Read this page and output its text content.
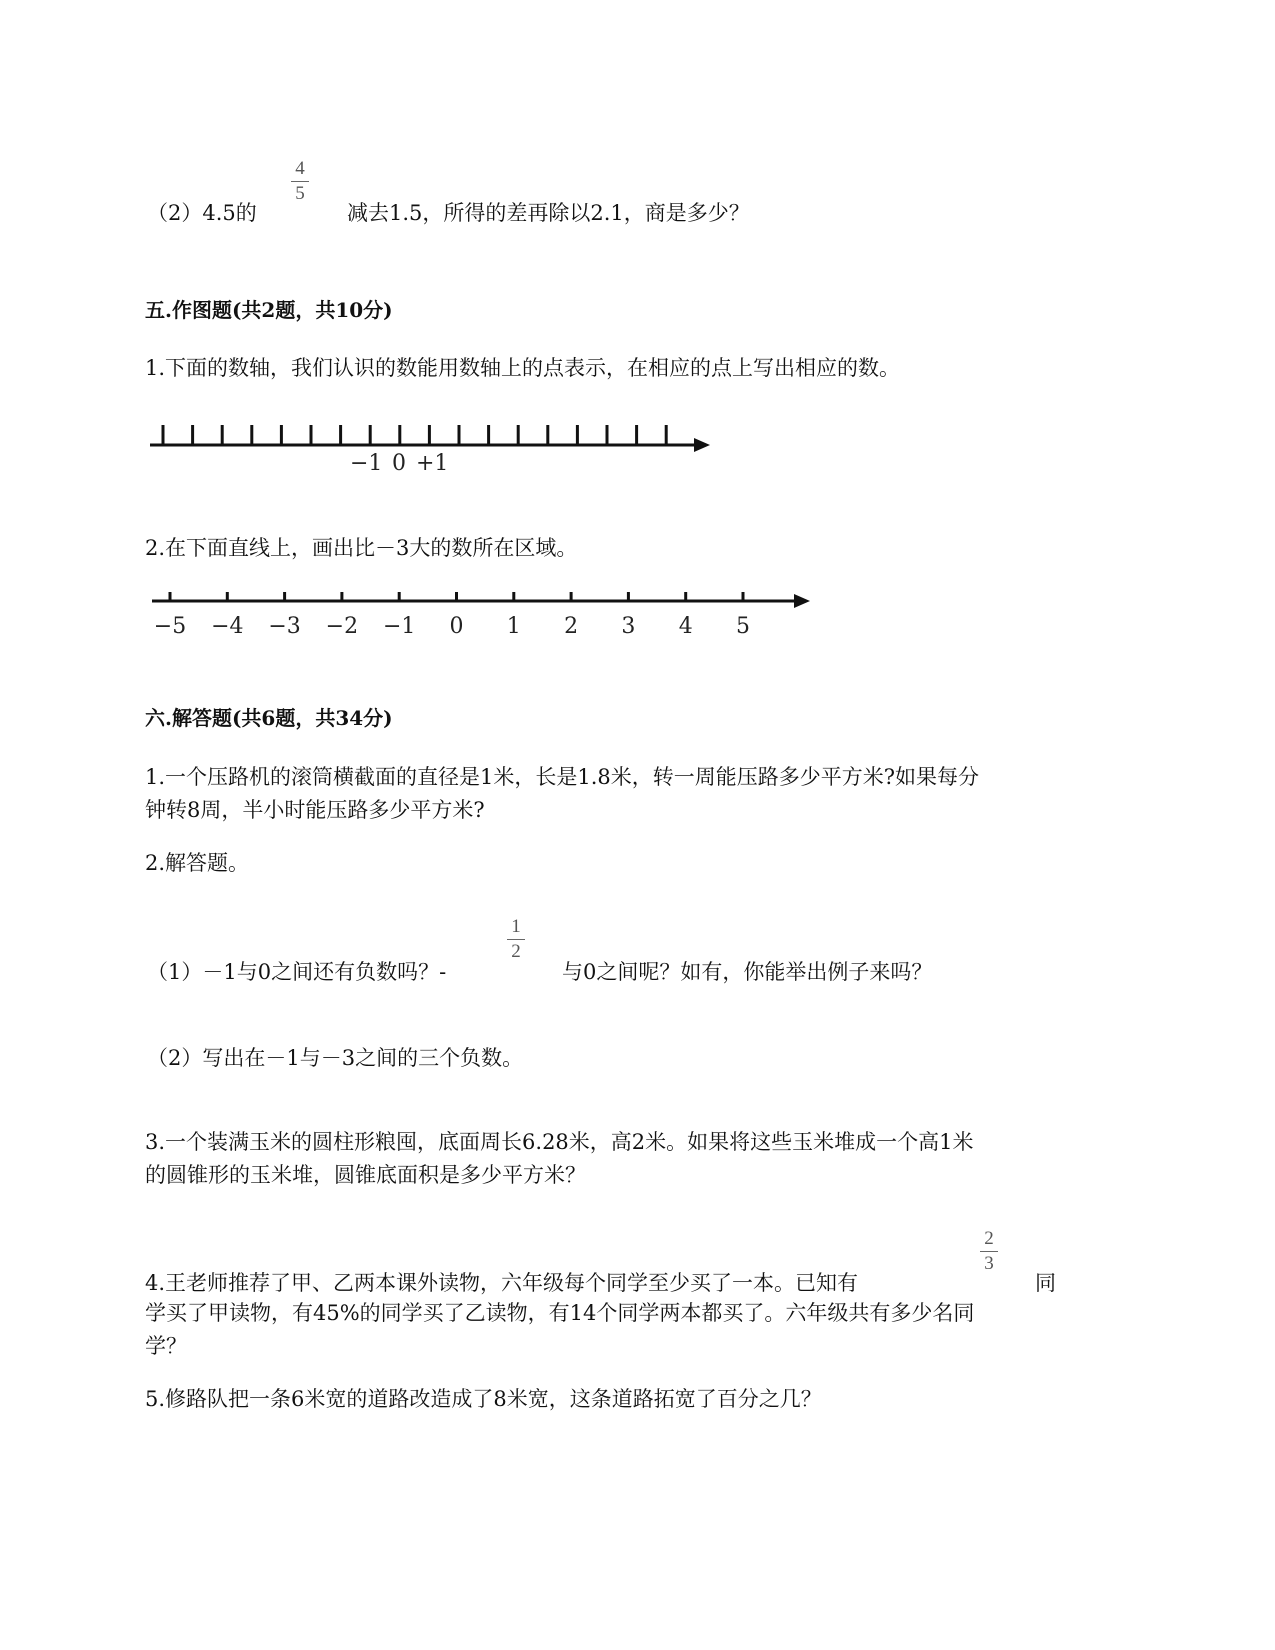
（2）4.5的
4
5
减去1.5，所得的差再除以2.1，商是多少？
五.作图题(共2题，共10分)
1.下面的数轴，我们认识的数能用数轴上的点表示，在相应的点上写出相应的数。
−1 0 +1
−5 −4 −3 −2 −1 0 1 2 3 4 5
2.在下面直线上，画出比－3大的数所在区域。
六.解答题(共6题，共34分)
1.一个压路机的滚筒横截面的直径是1米，长是1.8米，转一周能压路多少平方米?如果每分
钟转8周，半小时能压路多少平方米?
2.解答题。
（1）－1与0之间还有负数吗？-
1
2
与0之间呢？如有，你能举出例子来吗？
（2）写出在－1与－3之间的三个负数。
3.一个装满玉米的圆柱形粮囤，底面周长6.28米，高2米。如果将这些玉米堆成一个高1米
的圆锥形的玉米堆，圆锥底面积是多少平方米？
4.王老师推荐了甲、乙两本课外读物，六年级每个同学至少买了一本。已知有
2
3
同
学买了甲读物，有45%的同学买了乙读物，有14个同学两本都买了。六年级共有多少名同
学？
5.修路队把一条6米宽的道路改造成了8米宽，这条道路拓宽了百分之几？
